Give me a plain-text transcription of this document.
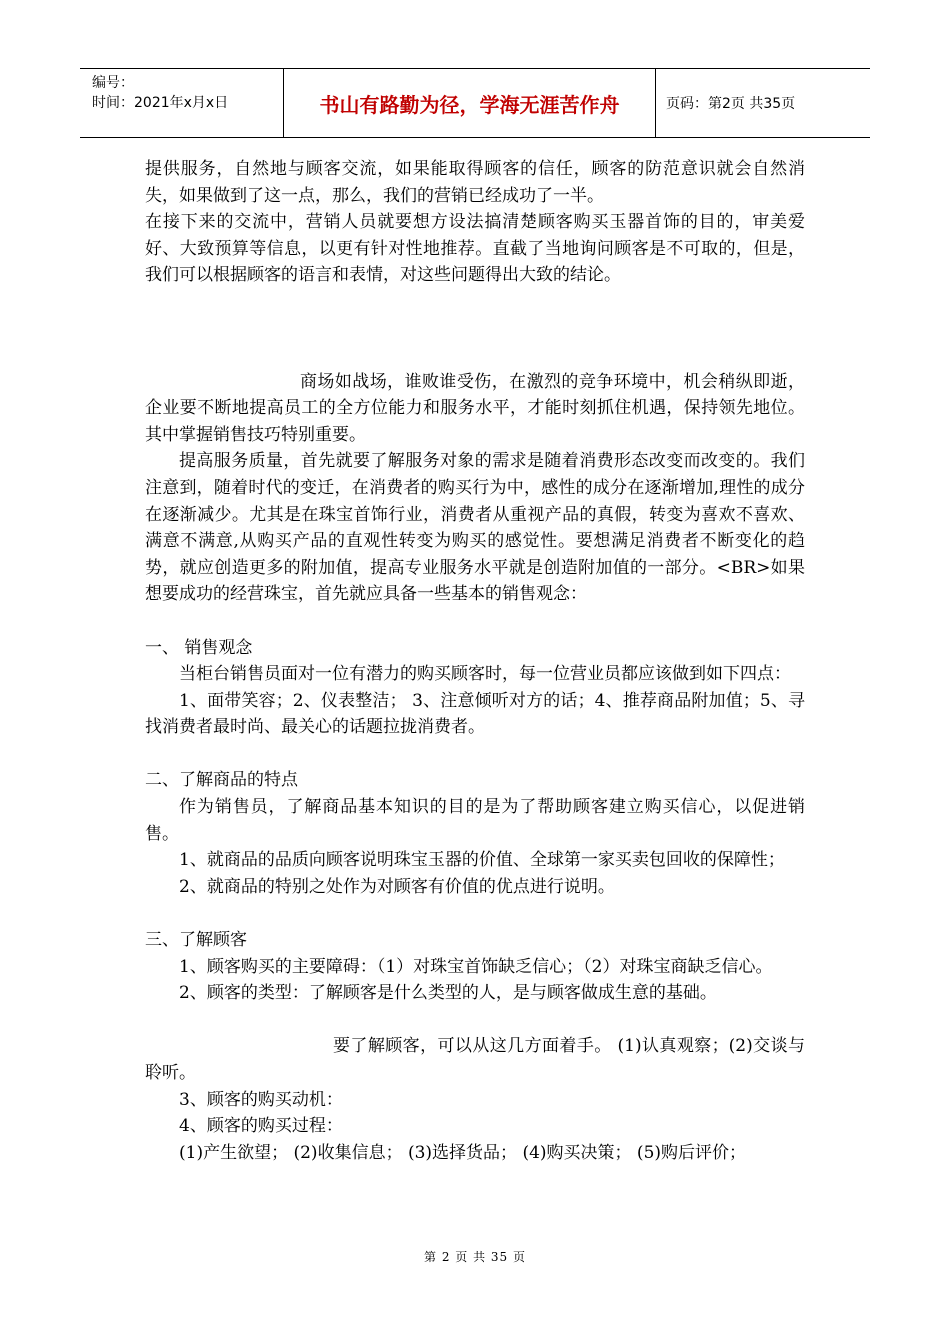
编号：
时间：2021年x月x日	书山有路勤为径，学海无涯苦作舟	页码：第2页 共35页

提供服务，自然地与顾客交流，如果能取得顾客的信任，顾客的防范意识就会自然消失，如果做到了这一点，那么，我们的营销已经成功了一半。

在接下来的交流中，营销人员就要想方设法搞清楚顾客购买玉器首饰的目的，审美爱好、大致预算等信息，以更有针对性地推荐。直截了当地询问顾客是不可取的，但是，我们可以根据顾客的语言和表情，对这些问题得出大致的结论。

商场如战场，谁败谁受伤，在激烈的竞争环境中，机会稍纵即逝，企业要不断地提高员工的全方位能力和服务水平，才能时刻抓住机遇，保持领先地位。其中掌握销售技巧特别重要。

提高服务质量，首先就要了解服务对象的需求是随着消费形态改变而改变的。我们注意到，随着时代的变迁，在消费者的购买行为中，感性的成分在逐渐增加,理性的成分在逐渐减少。尤其是在珠宝首饰行业，消费者从重视产品的真假，转变为喜欢不喜欢、满意不满意,从购买产品的直观性转变为购买的感觉性。要想满足消费者不断变化的趋势，就应创造更多的附加值，提高专业服务水平就是创造附加值的一部分。<BR>如果想要成功的经营珠宝，首先就应具备一些基本的销售观念：

一、 销售观念

当柜台销售员面对一位有潜力的购买顾客时，每一位营业员都应该做到如下四点：

1、面带笑容；2、仪表整洁； 3、注意倾听对方的话；4、推荐商品附加值；5、寻找消费者最时尚、最关心的话题拉拢消费者。

二、了解商品的特点

作为销售员，了解商品基本知识的目的是为了帮助顾客建立购买信心，以促进销售。

1、就商品的品质向顾客说明珠宝玉器的价值、全球第一家买卖包回收的保障性；

2、就商品的特别之处作为对顾客有价值的优点进行说明。

三、了解顾客

1、顾客购买的主要障碍：（1）对珠宝首饰缺乏信心；（2）对珠宝商缺乏信心。

2、顾客的类型：了解顾客是什么类型的人，是与顾客做成生意的基础。

要了解顾客，可以从这几方面着手。 (1)认真观察；(2)交谈与聆听。

3、顾客的购买动机：

4、顾客的购买过程：

(1)产生欲望； (2)收集信息； (3)选择货品； (4)购买决策； (5)购后评价；

第 2 页 共 35 页
